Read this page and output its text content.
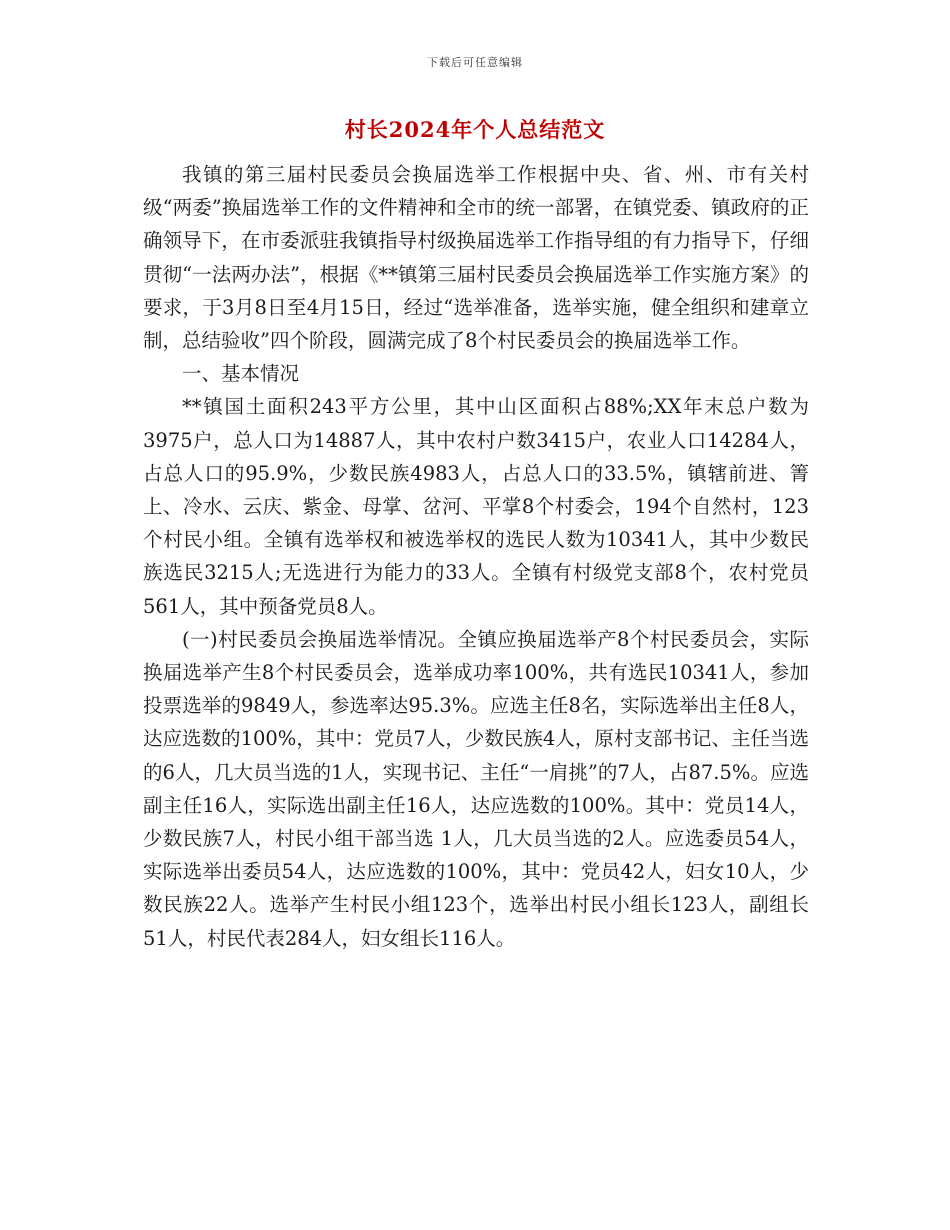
下载后可任意编辑
村长2024年个人总结范文

我镇的第三届村民委员会换届选举工作根据中央、省、州、市有关村级“两委”换届选举工作的文件精神和全市的统一部署，在镇党委、镇政府的正确领导下，在市委派驻我镇指导村级换届选举工作指导组的有力指导下，仔细贯彻“一法两办法”，根据《**镇第三届村民委员会换届选举工作实施方案》的要求，于3月8日至4月15日，经过“选举准备，选举实施，健全组织和建章立制，总结验收”四个阶段，圆满完成了8个村民委员会的换届选举工作。

一、基本情况

**镇国土面积243平方公里，其中山区面积占88%;XX年末总户数为3975户，总人口为14887人，其中农村户数3415户，农业人口14284人，占总人口的95.9%，少数民族4983人，占总人口的33.5%，镇辖前进、箐上、冷水、云庆、紫金、母掌、岔河、平掌8个村委会，194个自然村，123个村民小组。全镇有选举权和被选举权的选民人数为10341人，其中少数民族选民3215人;无选进行为能力的33人。全镇有村级党支部8个，农村党员561人，其中预备党员8人。

(一)村民委员会换届选举情况。全镇应换届选举产8个村民委员会，实际换届选举产生8个村民委员会，选举成功率100%，共有选民10341人，参加投票选举的9849人，参选率达95.3%。应选主任8名，实际选举出主任8人，达应选数的100%，其中：党员7人，少数民族4人，原村支部书记、主任当选的6人，几大员当选的1人，实现书记、主任“一肩挑”的7人，占87.5%。应选副主任16人，实际选出副主任16人，达应选数的100%。其中：党员14人，少数民族7人，村民小组干部当选 1人，几大员当选的2人。应选委员54人，实际选举出委员54人，达应选数的100%，其中：党员42人，妇女10人，少数民族22人。选举产生村民小组123个，选举出村民小组长123人，副组长51人，村民代表284人，妇女组长116人。
